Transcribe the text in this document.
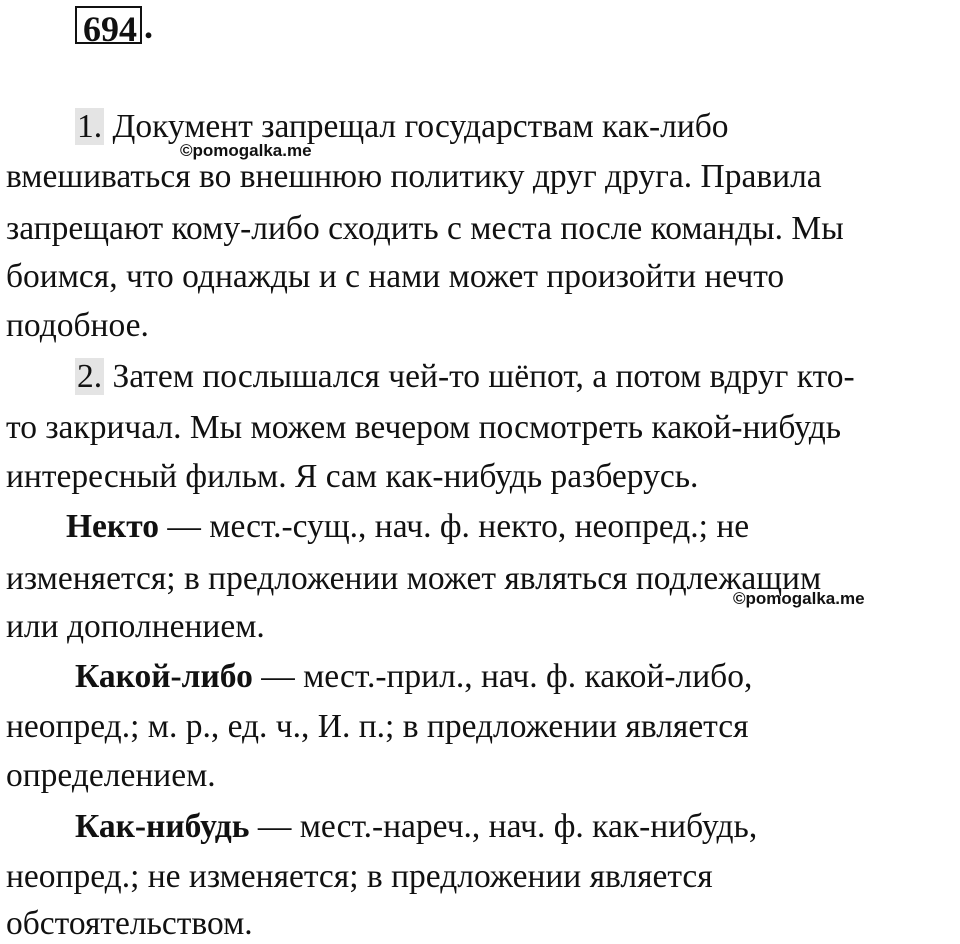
694 .
1. Документ запрещал государствам как-либо
вмешиваться во внешнюю политику друг друга. Правила
запрещают кому-либо сходить с места после команды. Мы
боимся, что однажды и с нами может произойти нечто
подобное.
2. Затем послышался чей-то шёпот, а потом вдруг кто-
то закричал. Мы можем вечером посмотреть какой-нибудь
интересный фильм. Я сам как-нибудь разберусь.
Некто — мест.-сущ., нач. ф. некто, неопред.; не
изменяется; в предложении может являться подлежащим
или дополнением.
Какой-либо — мест.-прил., нач. ф. какой-либо,
неопред.; м. р., ед. ч., И. п.; в предложении является
определением.
Как-нибудь — мест.-нареч., нач. ф. как-нибудь,
неопред.; не изменяется; в предложении является
обстоятельством.
©pomogalka.me
©pomogalka.me
